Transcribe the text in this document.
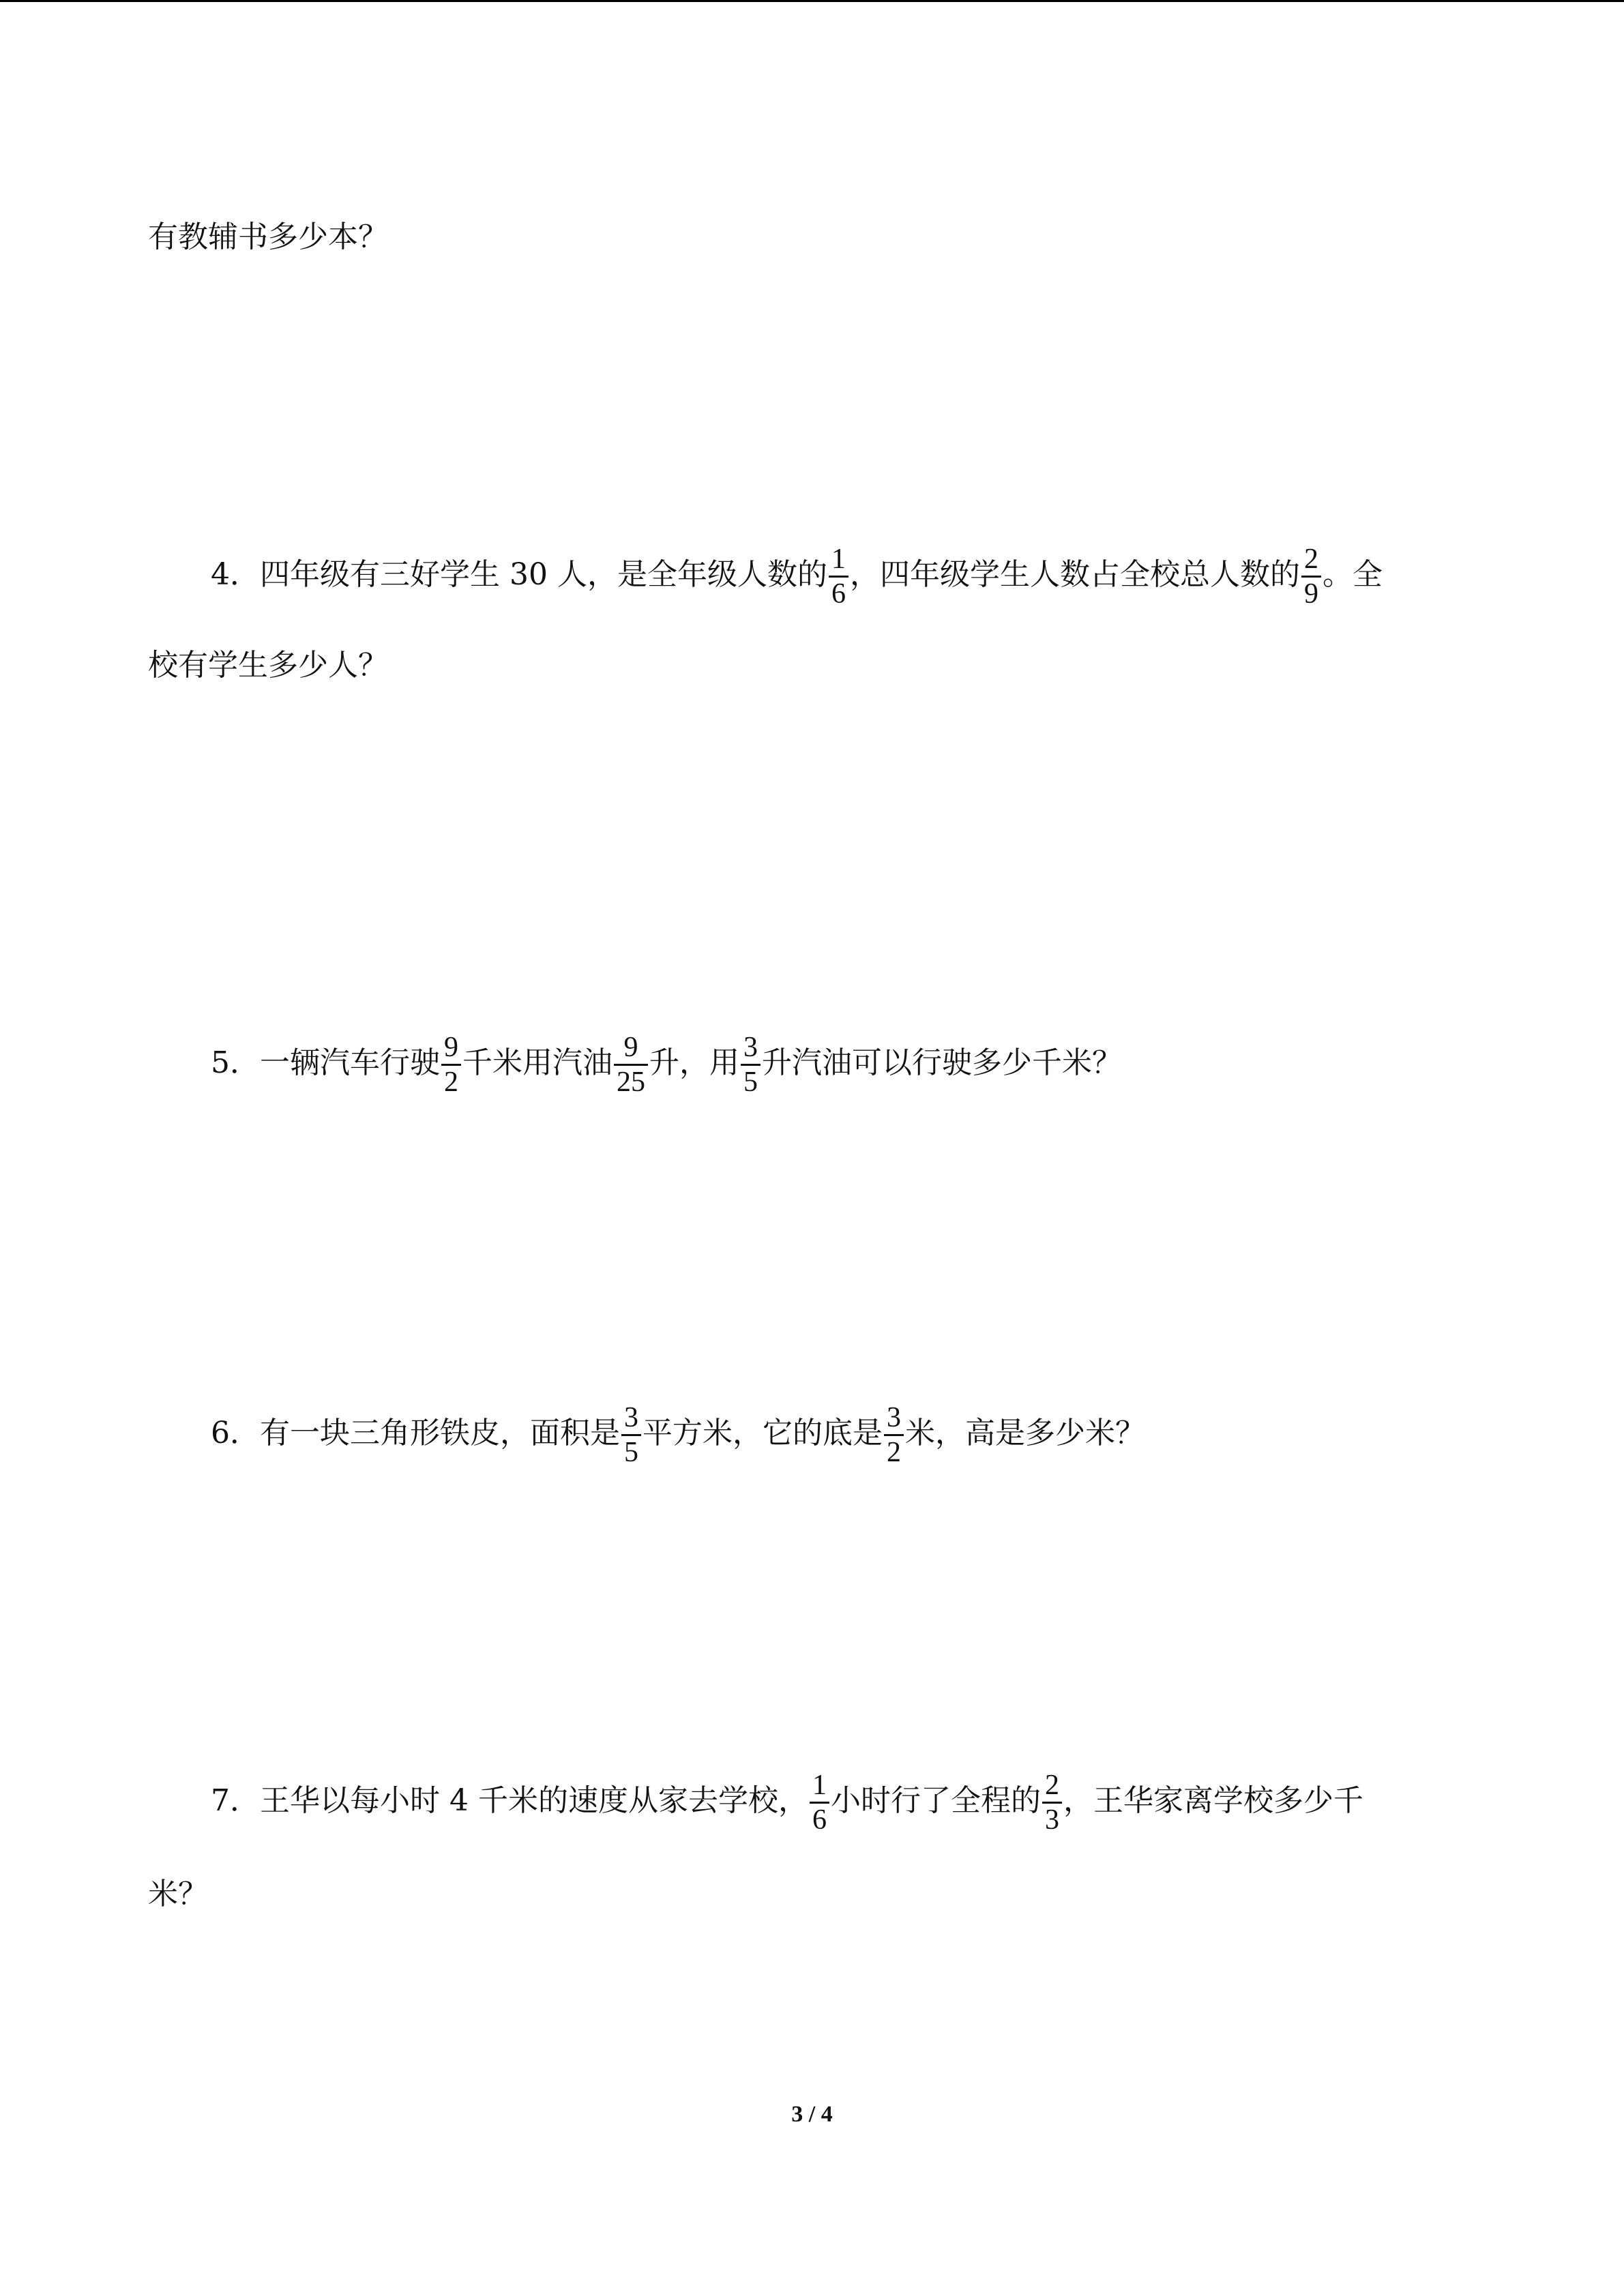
有教辅书多少本？
4．四年级有三好学生 30 人，是全年级人数的 $\frac{1}{6}$ ，四年级学生人数占全校总人数的 $\frac{2}{9}$ 。全
校有学生多少人？
5．一辆汽车行驶 $\frac{9}{2}$ 千米用汽油 $\frac{9}{25}$ 升，用 $\frac{3}{5}$ 升汽油可以行驶多少千米？
6．有一块三角形铁皮，面积是 $\frac{3}{5}$ 平方米，它的底是 $\frac{3}{2}$ 米，高是多少米？
7．王华以每小时 4 千米的速度从家去学校， $\frac{1}{6}$ 小时行了全程的 $\frac{2}{3}$ ，王华家离学校多少千
米？
3 / 4
